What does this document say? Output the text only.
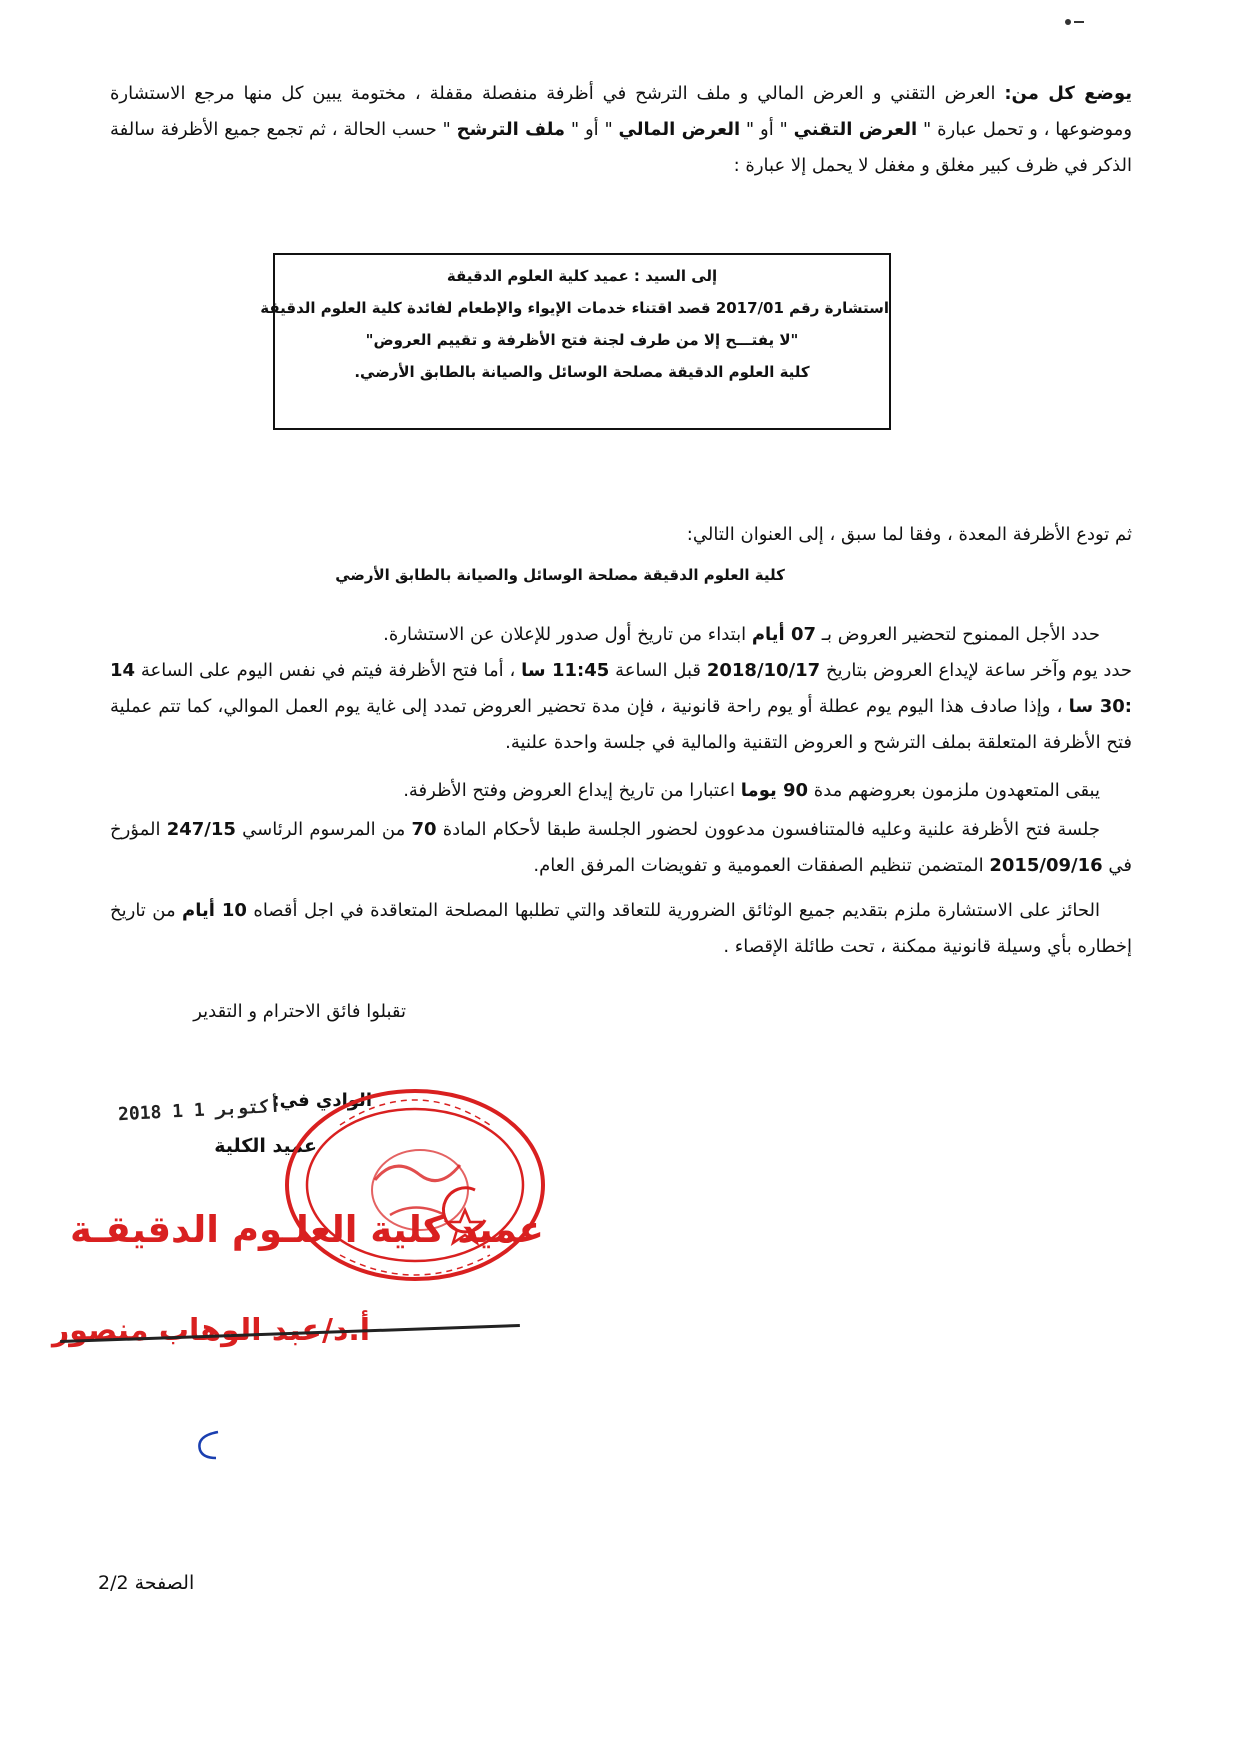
يوضع كل من: العرض التقني و العرض المالي و ملف الترشح في أظرفة منفصلة مقفلة ، مختومة يبين كل منها مرجع الاستشارة وموضوعها ، و تحمل عبارة " العرض التقني " أو " العرض المالي " أو " ملف الترشح " حسب الحالة ، ثم تجمع جميع الأظرفة سالفة الذكر في ظرف كبير مغلق و مغفل لا يحمل إلا عبارة :
إلى السيد : عميد كلية العلوم الدقيقة
استشارة رقم 2017/01 قصد اقتناء خدمات الإيواء والإطعام لفائدة كلية العلوم الدقيقة
"لا يفتـــح إلا من طرف لجنة فتح الأظرفة و تقييم العروض"
كلية العلوم الدقيقة مصلحة الوسائل والصيانة بالطابق الأرضي.
ثم تودع الأظرفة المعدة ، وفقا لما سبق ، إلى العنوان التالي:
كلية العلوم الدقيقة مصلحة الوسائل والصيانة بالطابق الأرضي
حدد الأجل الممنوح لتحضير العروض بـ 07 أيام ابتداء من تاريخ أول صدور للإعلان عن الاستشارة.
حدد يوم وآخر ساعة لإيداع العروض بتاريخ 2018/10/17 قبل الساعة 11:45 سا ، أما فتح الأظرفة فيتم في نفس اليوم على الساعة 14 :30 سا ، وإذا صادف هذا اليوم يوم عطلة أو يوم راحة قانونية ، فإن مدة تحضير العروض تمدد إلى غاية يوم العمل الموالي، كما تتم عملية فتح الأظرفة المتعلقة بملف الترشح و العروض التقنية والمالية في جلسة واحدة علنية.
يبقى المتعهدون ملزمون بعروضهم مدة 90 يوما اعتبارا من تاريخ إيداع العروض وفتح الأظرفة.
جلسة فتح الأظرفة علنية وعليه فالمتنافسون مدعوون لحضور الجلسة طبقا لأحكام المادة 70 من المرسوم الرئاسي 247/15 المؤرخ في 2015/09/16 المتضمن تنظيم الصفقات العمومية و تفويضات المرفق العام.
الحائز على الاستشارة ملزم بتقديم جميع الوثائق الضرورية للتعاقد والتي تطلبها المصلحة المتعاقدة في اجل أقصاه 10 أيام من تاريخ إخطاره بأي وسيلة قانونية ممكنة ، تحت طائلة الإقصاء .
تقبلوا فائق الاحترام و التقدير
الوادي في:
2018 أكتوبر 1 1
عميد الكلية
عميد كلية العلـوم الدقيقـة
أ.د/عبد الوهاب منصور
الصفحة 2/2
